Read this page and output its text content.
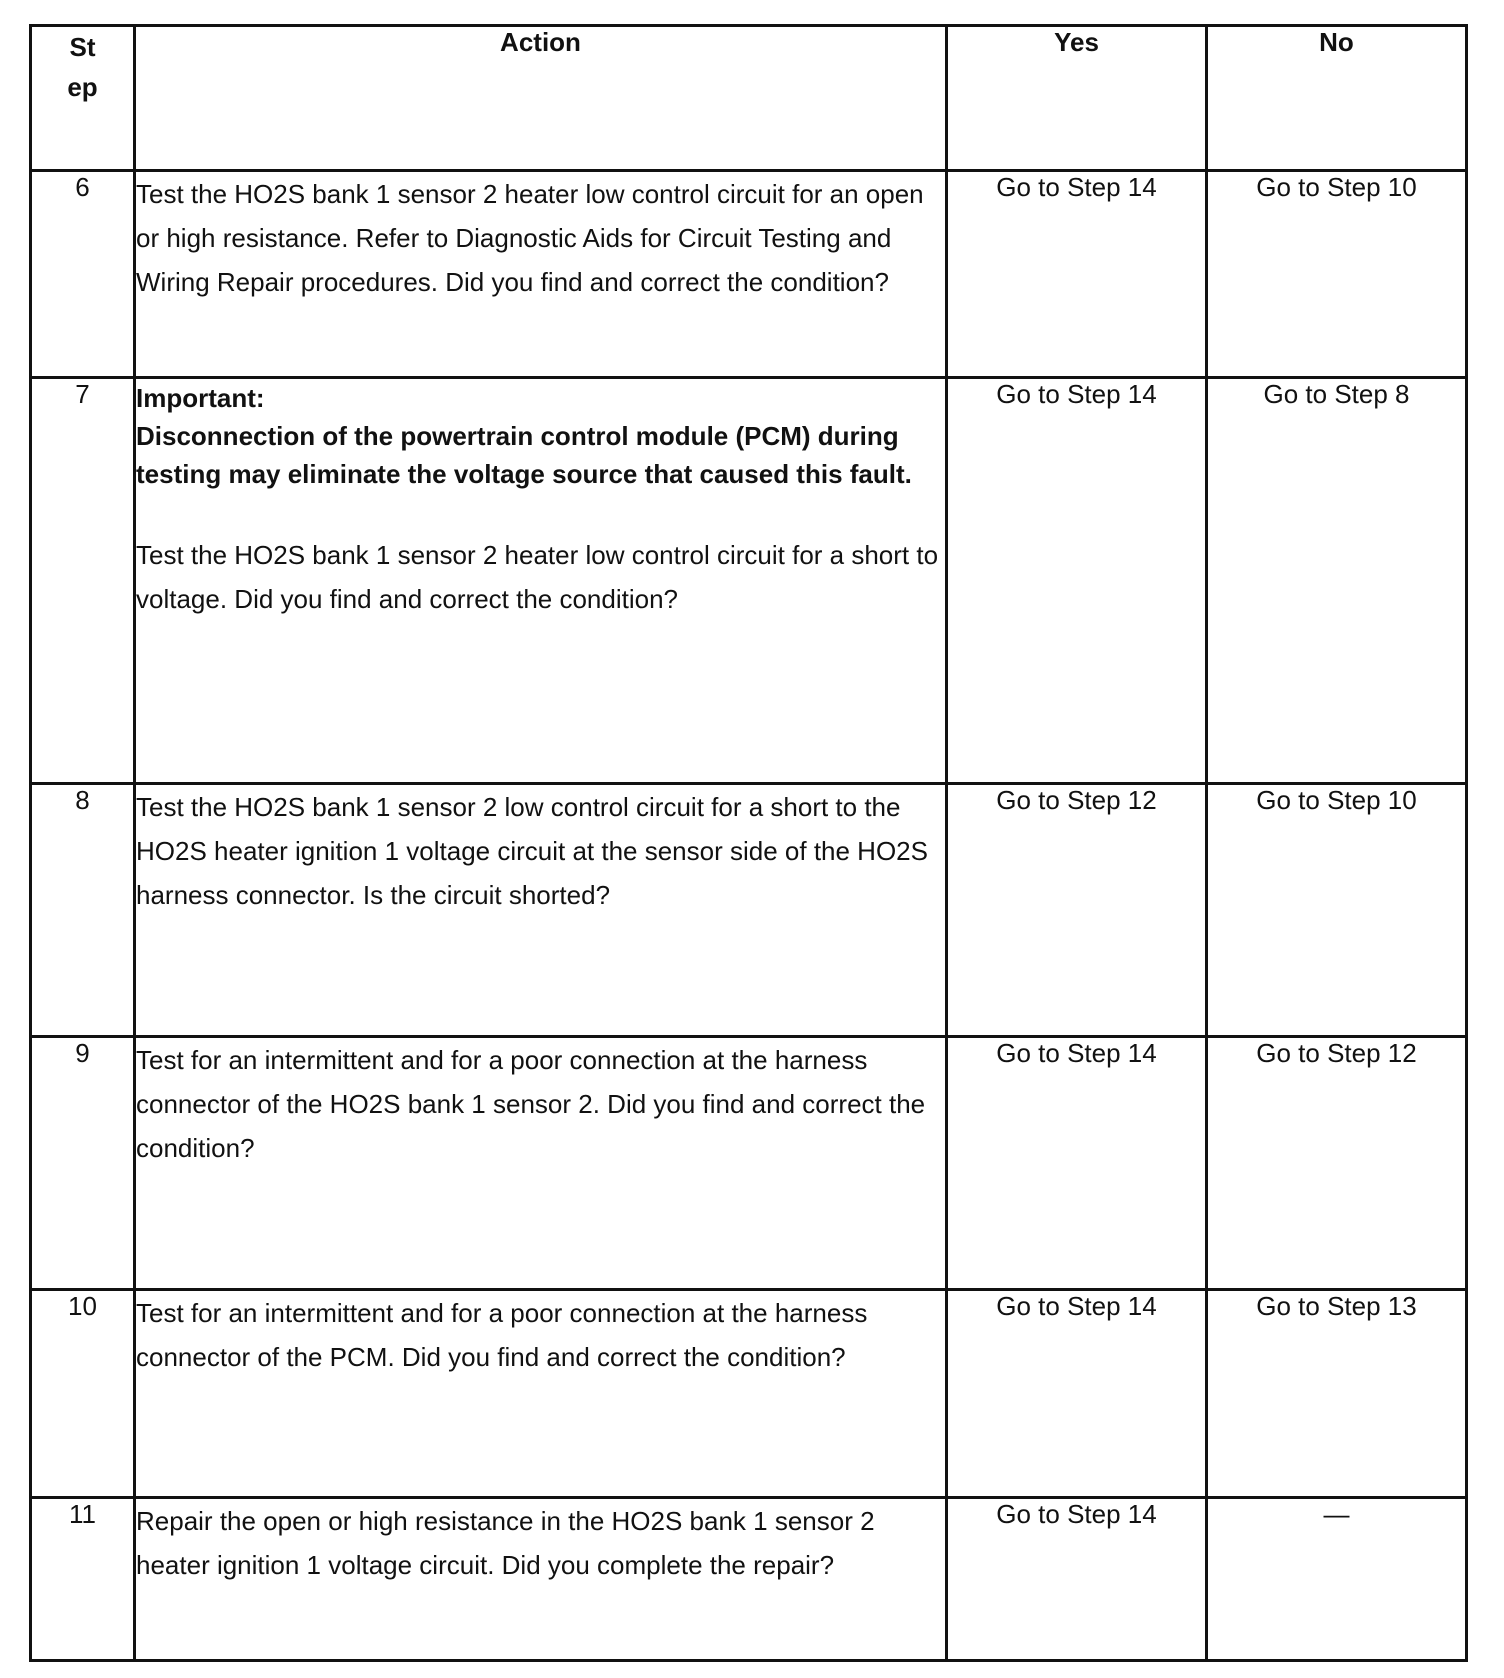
St
ep	Action	Yes	No
6	Test the HO2S bank 1 sensor 2 heater low control circuit for an open or high resistance. Refer to Diagnostic Aids for Circuit Testing and Wiring Repair procedures. Did you find and correct the condition?	Go to Step 14	Go to Step 10
7	Important:

Disconnection of the powertrain control module (PCM) during testing may eliminate the voltage source that caused this fault.

Test the HO2S bank 1 sensor 2 heater low control circuit for a short to voltage. Did you find and correct the condition?	Go to Step 14	Go to Step 8
8	Test the HO2S bank 1 sensor 2 low control circuit for a short to the HO2S heater ignition 1 voltage circuit at the sensor side of the HO2S harness connector. Is the circuit shorted?	Go to Step 12	Go to Step 10
9	Test for an intermittent and for a poor connection at the harness connector of the HO2S bank 1 sensor 2. Did you find and correct the condition?	Go to Step 14	Go to Step 12
10	Test for an intermittent and for a poor connection at the harness connector of the PCM. Did you find and correct the condition?	Go to Step 14	Go to Step 13
11	Repair the open or high resistance in the HO2S bank 1 sensor 2 heater ignition 1 voltage circuit. Did you complete the repair?	Go to Step 14	—
